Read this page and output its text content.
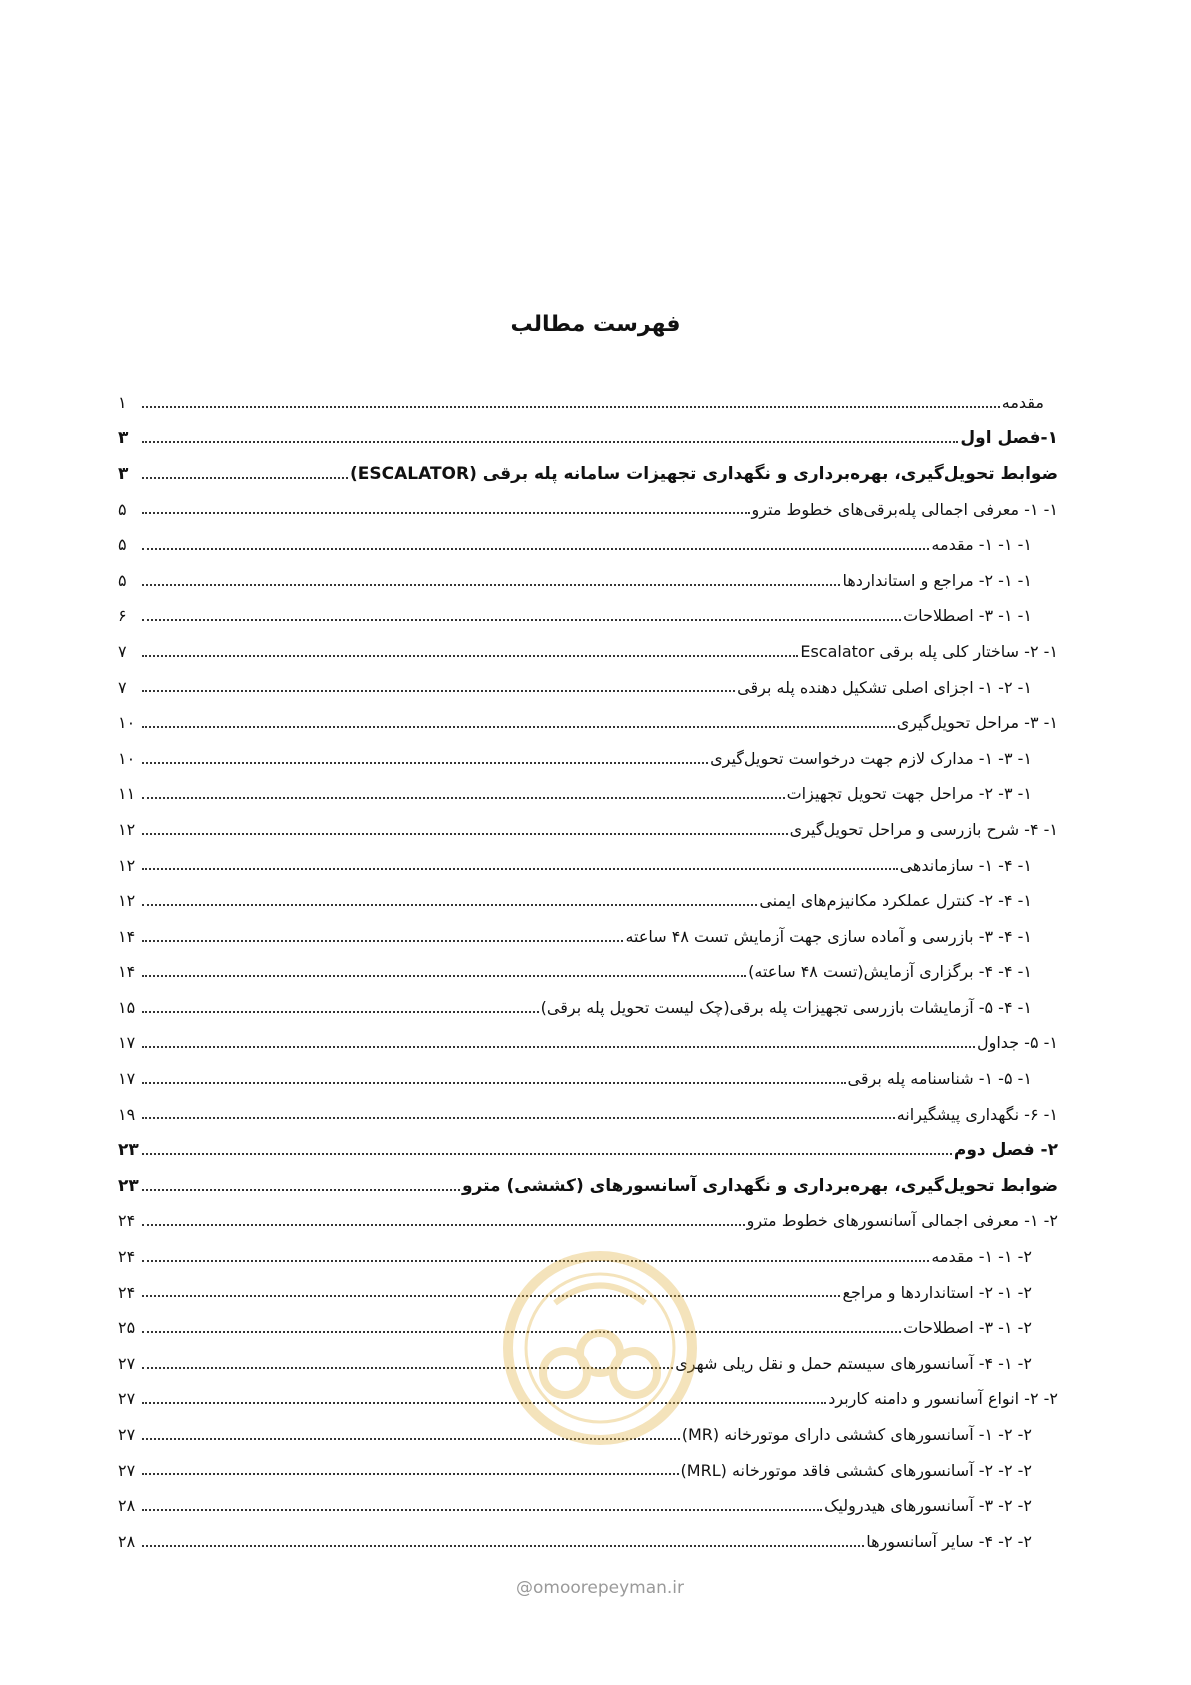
فهرست مطالب
مقدمه
۱
۱-فصل اول
۳
ضوابط تحویل‌گیری، بهره‌برداری و نگهداری تجهیزات سامانه پله برقی (ESCALATOR)
۳
۱- ۱- معرفی اجمالی پله‌برقی‌های خطوط مترو
۵
۱- ۱- ۱- مقدمه
۵
۱- ۱- ۲- مراجع و استانداردها
۵
۱- ۱- ۳- اصطلاحات
۶
۱- ۲- ساختار کلی پله برقی Escalator
۷
۱- ۲- ۱- اجزای اصلی تشکیل دهنده پله برقی
۷
۱- ۳- مراحل تحویل‌گیری
۱۰
۱- ۳- ۱- مدارک لازم جهت درخواست تحویل‌گیری
۱۰
۱- ۳- ۲- مراحل جهت تحویل تجهیزات
۱۱
۱- ۴- شرح بازرسی و مراحل تحویل‌گیری
۱۲
۱- ۴- ۱- سازماندهی
۱۲
۱- ۴- ۲- کنترل عملکرد مکانیزم‌های ایمنی
۱۲
۱- ۴- ۳- بازرسی و آماده سازی جهت آزمایش تست ۴۸ ساعته
۱۴
۱- ۴- ۴- برگزاری آزمایش(تست ۴۸ ساعته)
۱۴
۱- ۴- ۵- آزمایشات بازرسی تجهیزات پله برقی(چک لیست تحویل پله برقی)
۱۵
۱- ۵- جداول
۱۷
۱- ۵- ۱- شناسنامه پله برقی
۱۷
۱- ۶- نگهداری پیشگیرانه
۱۹
۲- فصل دوم
۲۳
ضوابط تحویل‌گیری، بهره‌برداری و نگهداری آسانسورهای (کششی) مترو
۲۳
۲- ۱- معرفی اجمالی آسانسورهای خطوط مترو
۲۴
۲- ۱- ۱- مقدمه
۲۴
۲- ۱- ۲- استانداردها و مراجع
۲۴
۲- ۱- ۳- اصطلاحات
۲۵
۲- ۱- ۴- آسانسورهای سیستم حمل و نقل ریلی شهری
۲۷
۲- ۲- انواع آسانسور و دامنه کاربرد
۲۷
۲- ۲- ۱- آسانسورهای کششی دارای موتورخانه (MR)
۲۷
۲- ۲- ۲- آسانسورهای کششی فاقد موتورخانه (MRL)
۲۷
۲- ۲- ۳- آسانسورهای هیدرولیک
۲۸
۲- ۲- ۴- سایر آسانسورها
۲۸
@omoorepeyman.ir
